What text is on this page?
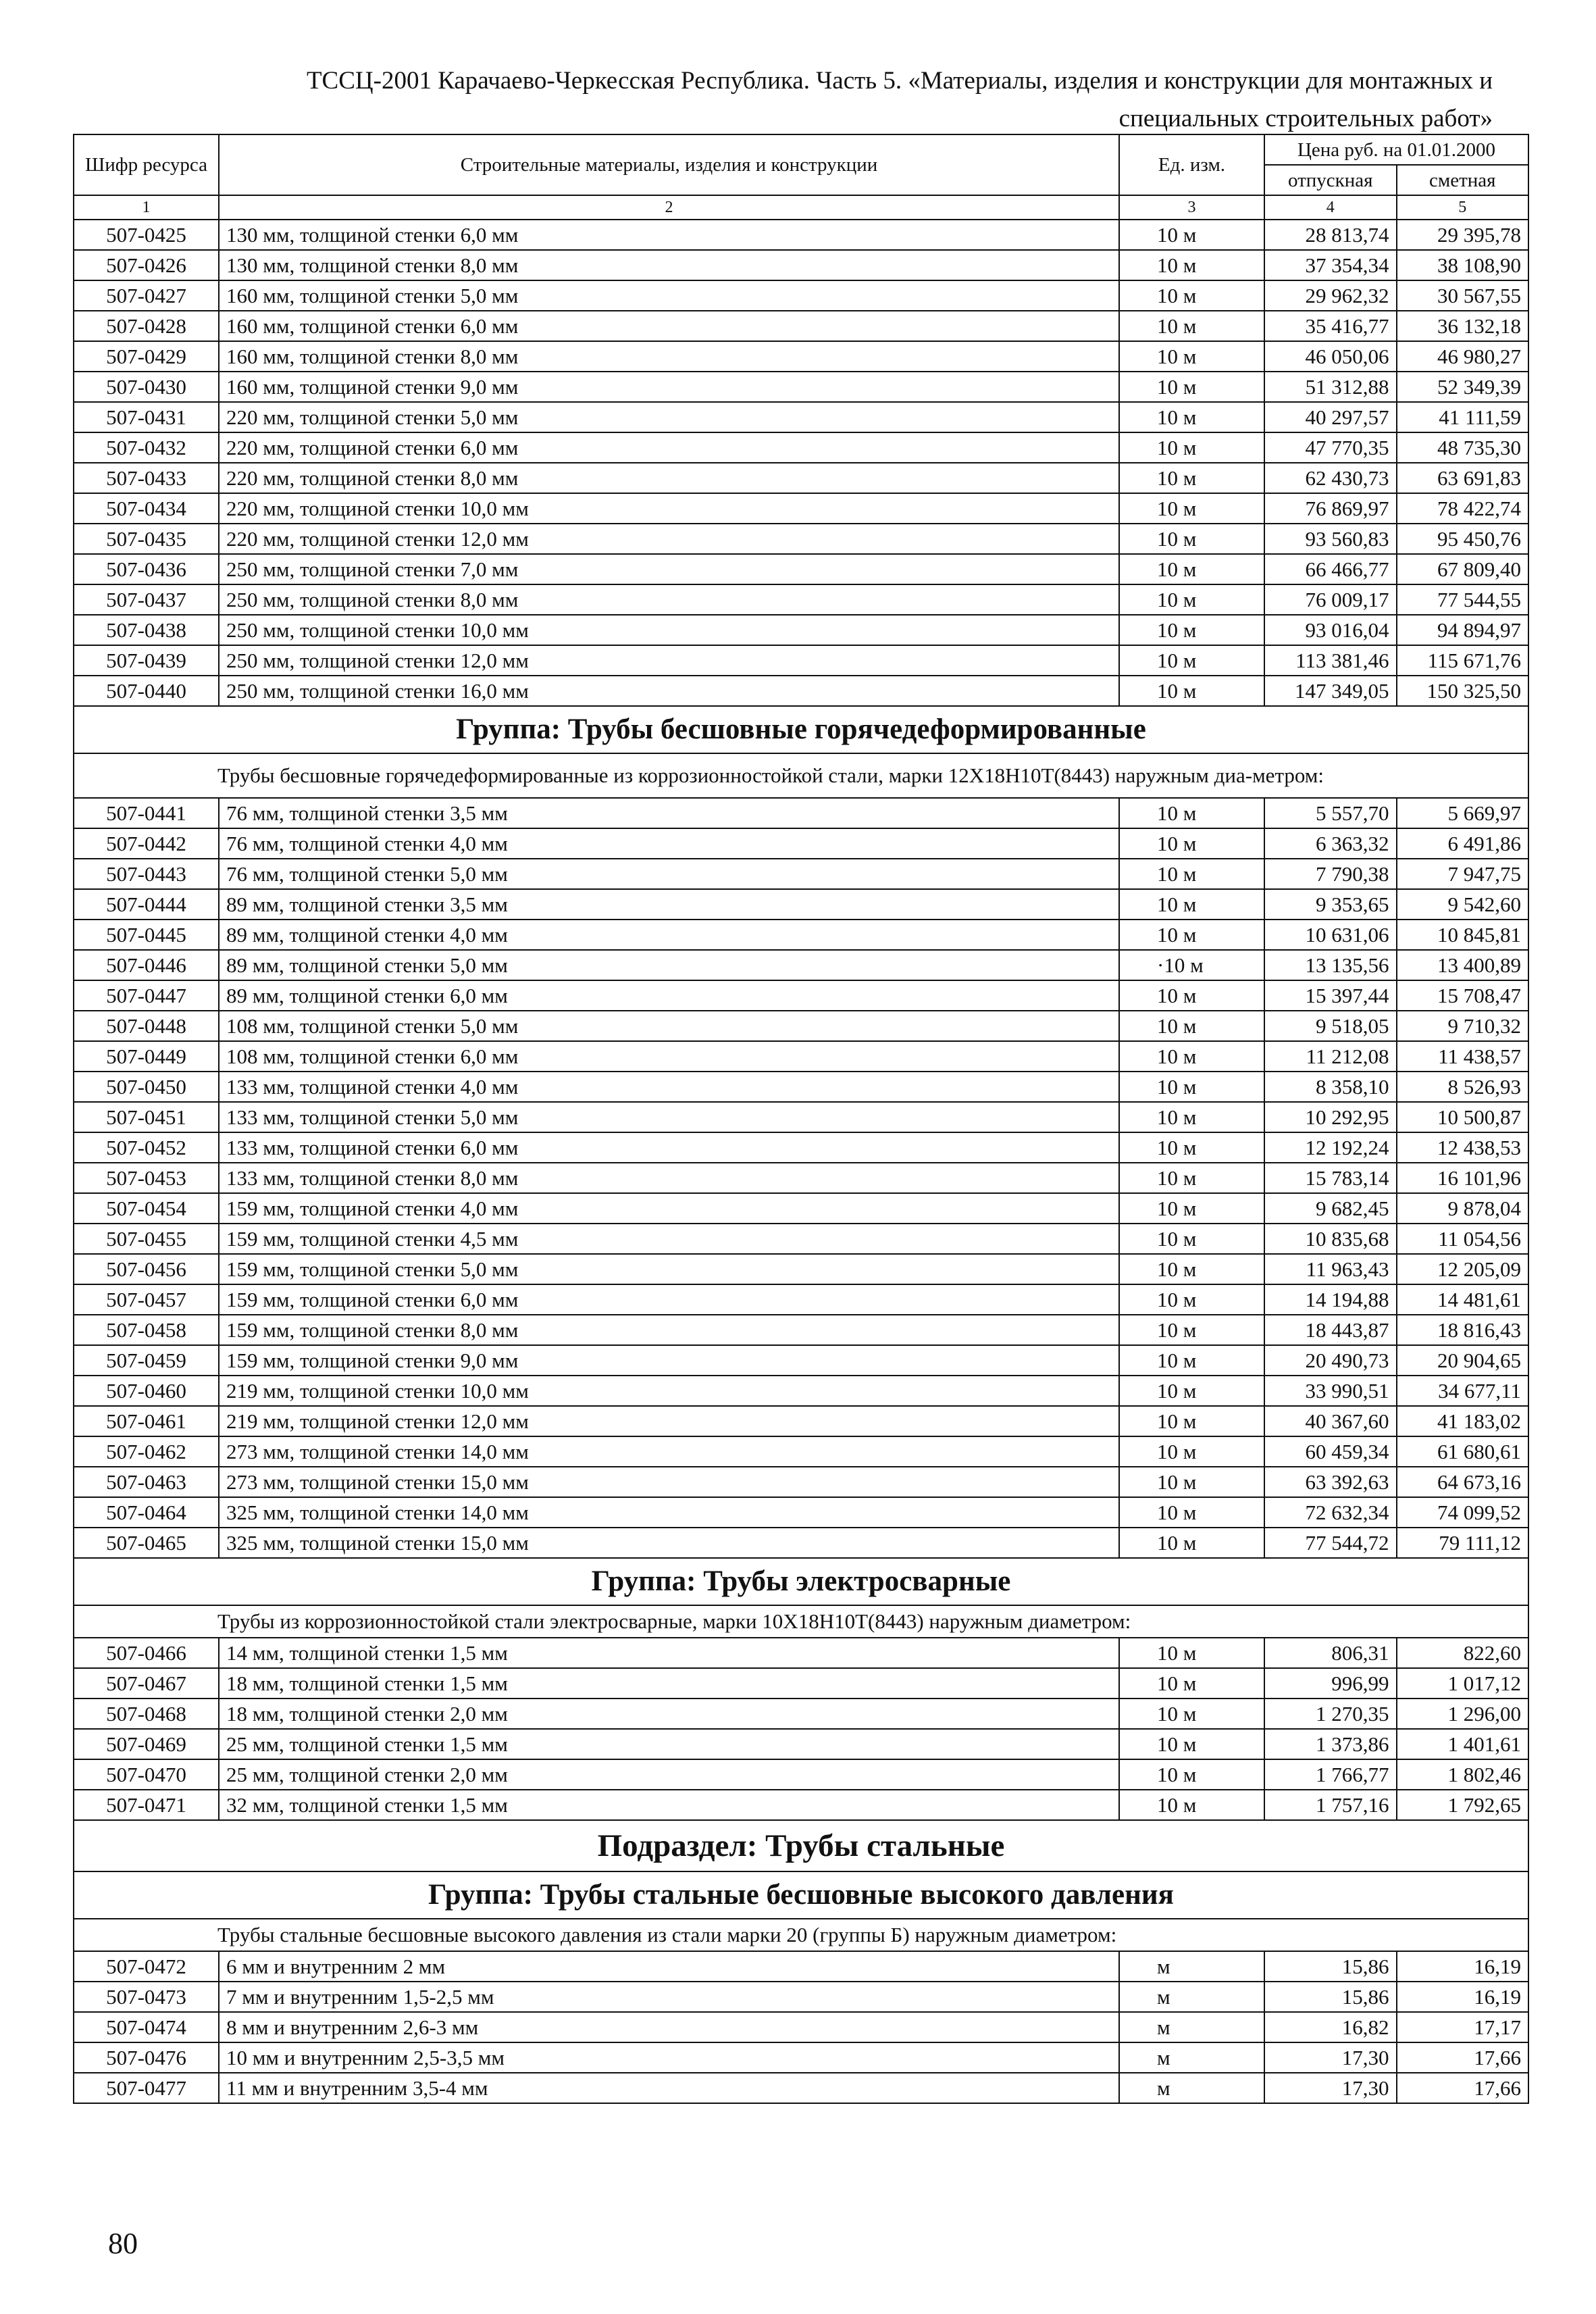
ТССЦ-2001 Карачаево-Черкесская Республика. Часть 5. «Материалы, изделия и конструкции для монтажных и
специальных строительных работ»
Шифр ресурса	Строительные материалы, изделия и конструкции	Ед. изм.	Цена руб. на 01.01.2000	
			отпускная	сметная
1	2	3	4	5
507-0425	130 мм, толщиной стенки 6,0 мм	10 м	28 813,74	29 395,78
507-0426	130 мм, толщиной стенки 8,0 мм	10 м	37 354,34	38 108,90
507-0427	160 мм, толщиной стенки 5,0 мм	10 м	29 962,32	30 567,55
507-0428	160 мм, толщиной стенки 6,0 мм	10 м	35 416,77	36 132,18
507-0429	160 мм, толщиной стенки 8,0 мм	10 м	46 050,06	46 980,27
507-0430	160 мм, толщиной стенки 9,0 мм	10 м	51 312,88	52 349,39
507-0431	220 мм, толщиной стенки 5,0 мм	10 м	40 297,57	41 111,59
507-0432	220 мм, толщиной стенки 6,0 мм	10 м	47 770,35	48 735,30
507-0433	220 мм, толщиной стенки 8,0 мм	10 м	62 430,73	63 691,83
507-0434	220 мм, толщиной стенки 10,0 мм	10 м	76 869,97	78 422,74
507-0435	220 мм, толщиной стенки 12,0 мм	10 м	93 560,83	95 450,76
507-0436	250 мм, толщиной стенки 7,0 мм	10 м	66 466,77	67 809,40
507-0437	250 мм, толщиной стенки 8,0 мм	10 м	76 009,17	77 544,55
507-0438	250 мм, толщиной стенки 10,0 мм	10 м	93 016,04	94 894,97
507-0439	250 мм, толщиной стенки 12,0 мм	10 м	113 381,46	115 671,76
507-0440	250 мм, толщиной стенки 16,0 мм	10 м	147 349,05	150 325,50
Группа: Трубы бесшовные горячедеформированные				
Трубы бесшовные горячедеформированные из коррозионностойкой стали, марки 12Х18Н10Т(8443) наружным диа-метром:				
507-0441	76 мм, толщиной стенки 3,5 мм	10 м	5 557,70	5 669,97
507-0442	76 мм, толщиной стенки 4,0 мм	10 м	6 363,32	6 491,86
507-0443	76 мм, толщиной стенки 5,0 мм	10 м	7 790,38	7 947,75
507-0444	89 мм, толщиной стенки 3,5 мм	10 м	9 353,65	9 542,60
507-0445	89 мм, толщиной стенки 4,0 мм	10 м	10 631,06	10 845,81
507-0446	89 мм, толщиной стенки 5,0 мм	·10 м	13 135,56	13 400,89
507-0447	89 мм, толщиной стенки 6,0 мм	10 м	15 397,44	15 708,47
507-0448	108 мм, толщиной стенки 5,0 мм	10 м	9 518,05	9 710,32
507-0449	108 мм, толщиной стенки 6,0 мм	10 м	11 212,08	11 438,57
507-0450	133 мм, толщиной стенки 4,0 мм	10 м	8 358,10	8 526,93
507-0451	133 мм, толщиной стенки 5,0 мм	10 м	10 292,95	10 500,87
507-0452	133 мм, толщиной стенки 6,0 мм	10 м	12 192,24	12 438,53
507-0453	133 мм, толщиной стенки 8,0 мм	10 м	15 783,14	16 101,96
507-0454	159 мм, толщиной стенки 4,0 мм	10 м	9 682,45	9 878,04
507-0455	159 мм, толщиной стенки 4,5 мм	10 м	10 835,68	11 054,56
507-0456	159 мм, толщиной стенки 5,0 мм	10 м	11 963,43	12 205,09
507-0457	159 мм, толщиной стенки 6,0 мм	10 м	14 194,88	14 481,61
507-0458	159 мм, толщиной стенки 8,0 мм	10 м	18 443,87	18 816,43
507-0459	159 мм, толщиной стенки 9,0 мм	10 м	20 490,73	20 904,65
507-0460	219 мм, толщиной стенки 10,0 мм	10 м	33 990,51	34 677,11
507-0461	219 мм, толщиной стенки 12,0 мм	10 м	40 367,60	41 183,02
507-0462	273 мм, толщиной стенки 14,0 мм	10 м	60 459,34	61 680,61
507-0463	273 мм, толщиной стенки 15,0 мм	10 м	63 392,63	64 673,16
507-0464	325 мм, толщиной стенки 14,0 мм	10 м	72 632,34	74 099,52
507-0465	325 мм, толщиной стенки 15,0 мм	10 м	77 544,72	79 111,12
Группа: Трубы электросварные				
Трубы из коррозионностойкой стали электросварные, марки 10Х18Н10Т(8443) наружным диаметром:				
507-0466	14 мм, толщиной стенки 1,5 мм	10 м	806,31	822,60
507-0467	18 мм, толщиной стенки 1,5 мм	10 м	996,99	1 017,12
507-0468	18 мм, толщиной стенки 2,0 мм	10 м	1 270,35	1 296,00
507-0469	25 мм, толщиной стенки 1,5 мм	10 м	1 373,86	1 401,61
507-0470	25 мм, толщиной стенки 2,0 мм	10 м	1 766,77	1 802,46
507-0471	32 мм, толщиной стенки 1,5 мм	10 м	1 757,16	1 792,65
Подраздел: Трубы стальные				
Группа: Трубы стальные бесшовные высокого давления				
Трубы стальные бесшовные высокого давления из стали марки 20 (группы Б) наружным диаметром:				
507-0472	6 мм и внутренним 2 мм	м	15,86	16,19
507-0473	7 мм и внутренним 1,5-2,5 мм	м	15,86	16,19
507-0474	8 мм и внутренним 2,6-3 мм	м	16,82	17,17
507-0476	10 мм и внутренним 2,5-3,5 мм	м	17,30	17,66
507-0477	11 мм и внутренним 3,5-4 мм	м	17,30	17,66
80
